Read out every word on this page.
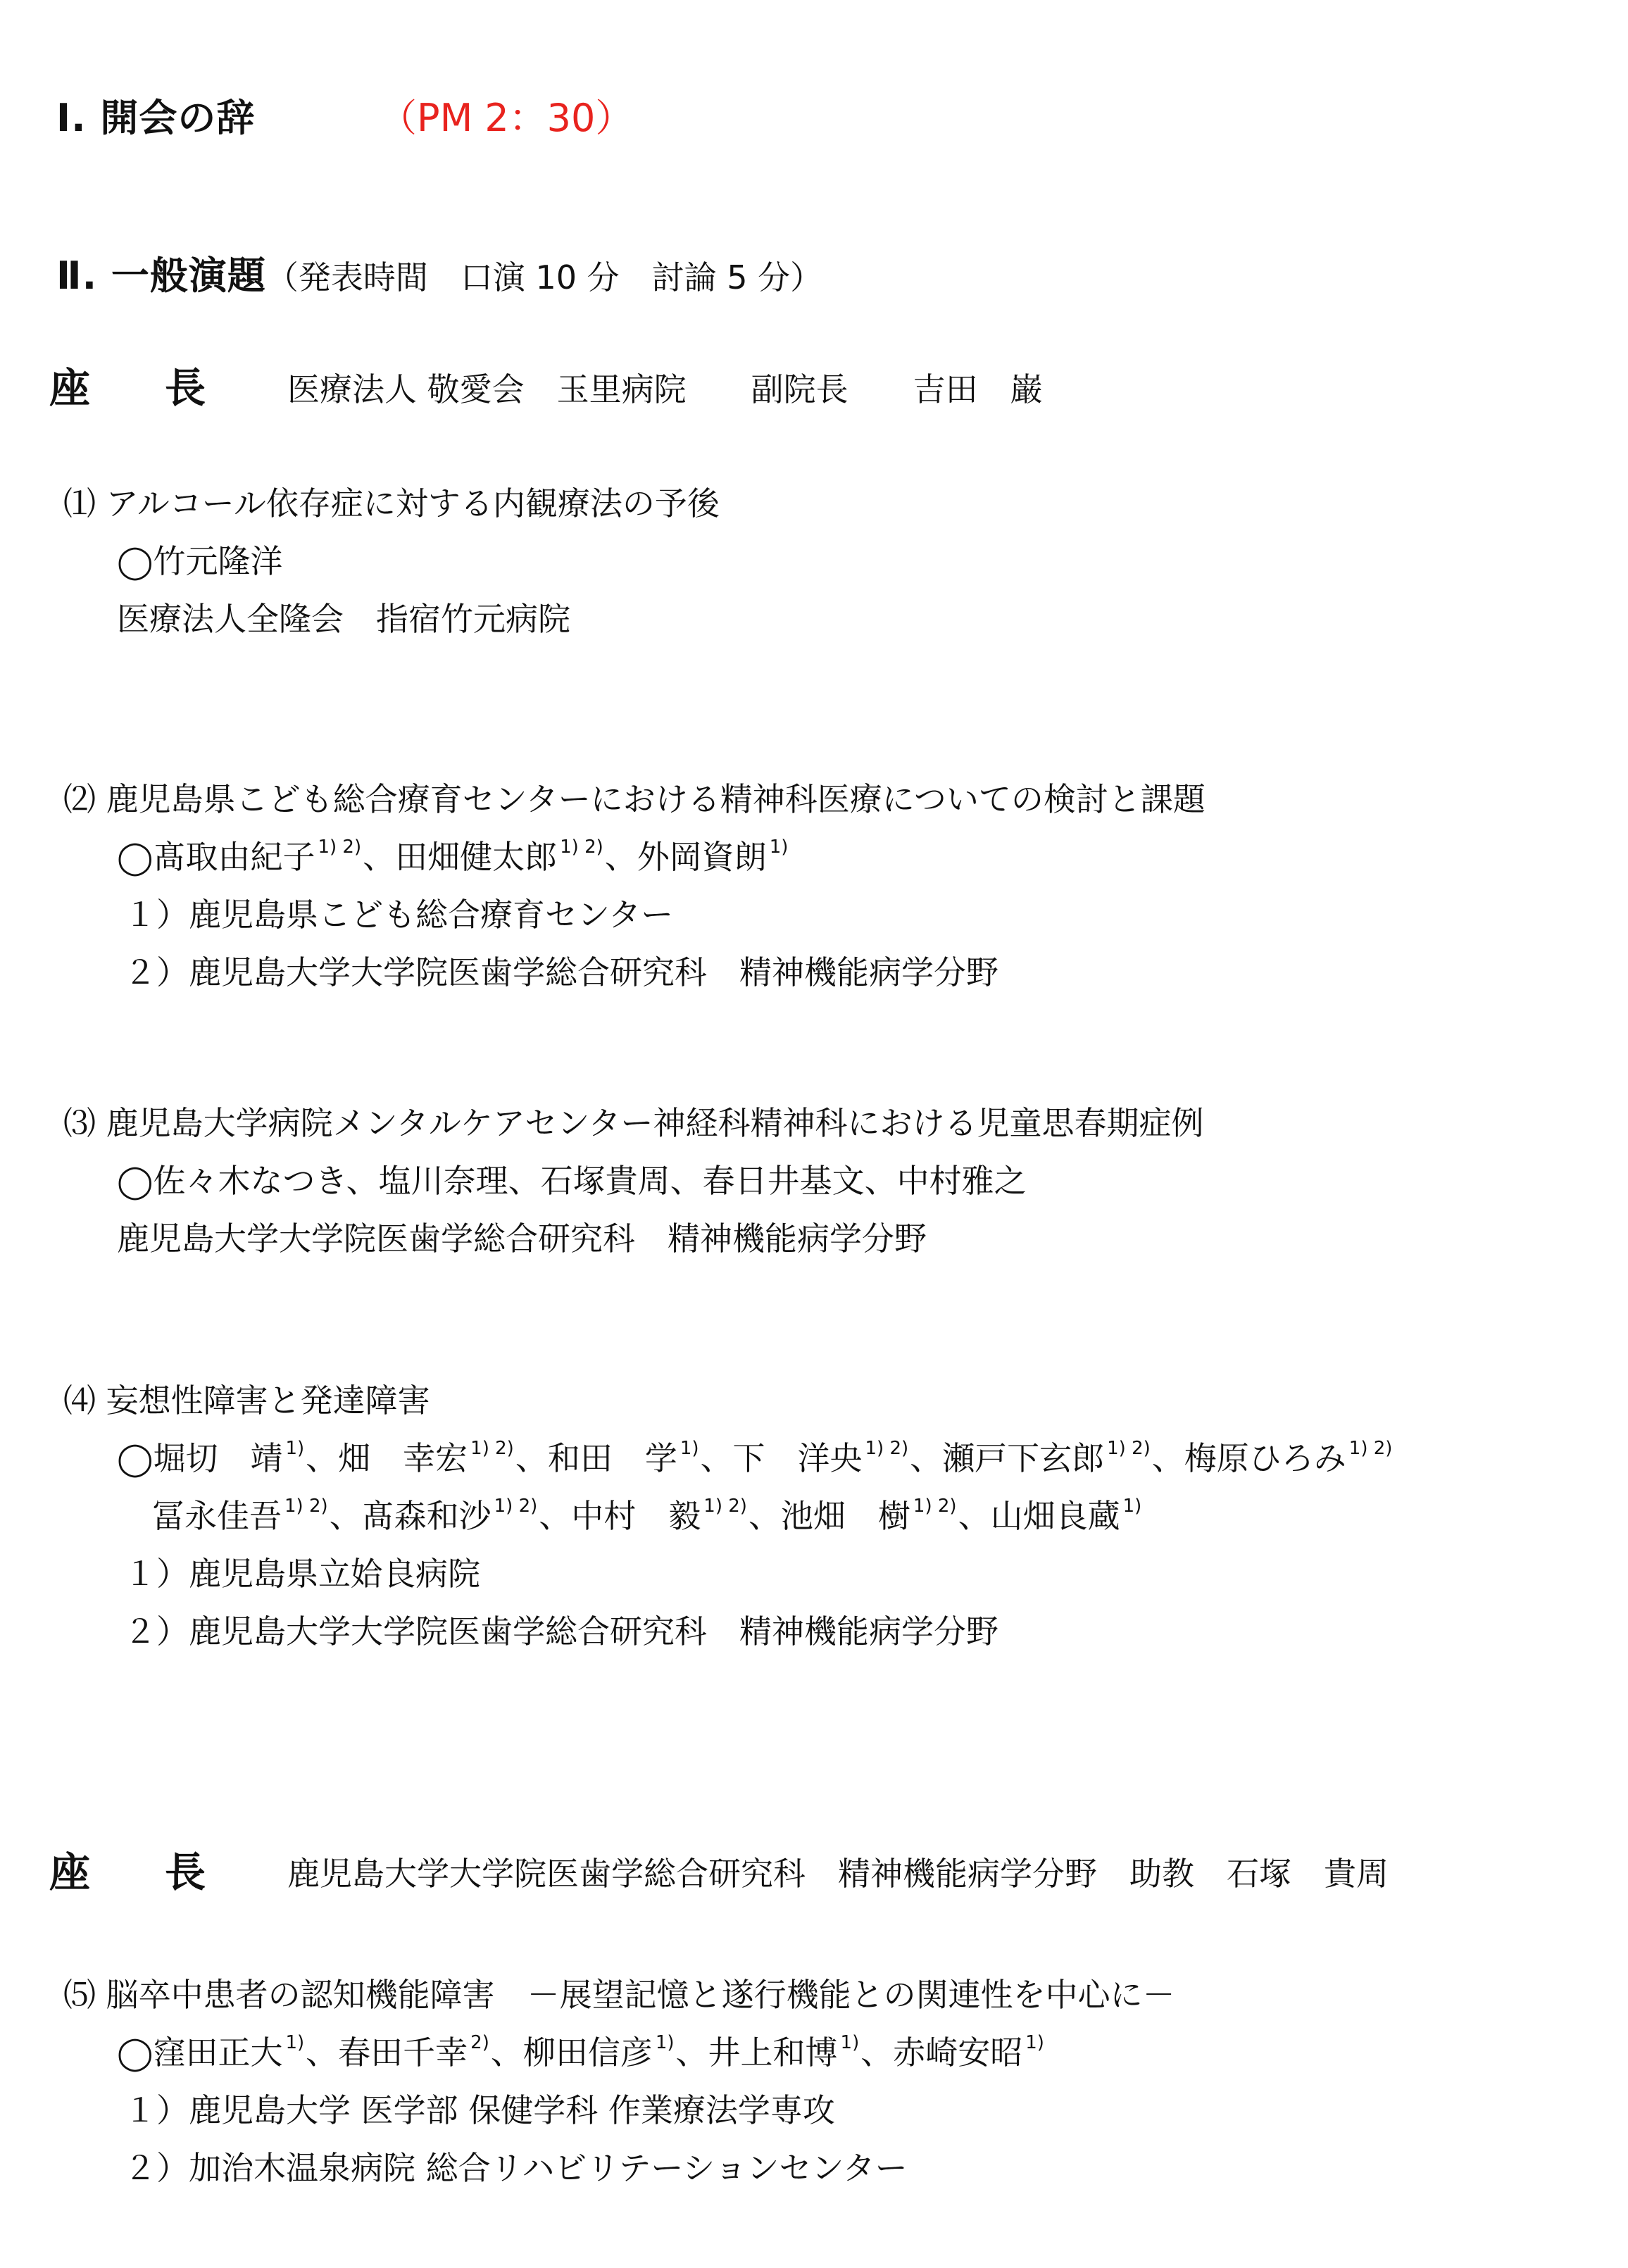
Ⅰ. 開会の辞	（PM 2：30）
Ⅱ. 一般演題（発表時間　口演 10 分　討論 5 分）
座　長 医療法人 敬愛会　玉里病院　　副院長　　吉田　巌
⑴ アルコール依存症に対する内観療法の予後
◯竹元隆洋
医療法人全隆会　指宿竹元病院
⑵ 鹿児島県こども総合療育センターにおける精神科医療についての検討と課題
◯髙取由紀子 $^{1) 2)}$、田畑健太郎 $^{1) 2)}$、外岡資朗 $^{1)}$
１）鹿児島県こども総合療育センター
２）鹿児島大学大学院医歯学総合研究科　精神機能病学分野
⑶ 鹿児島大学病院メンタルケアセンター神経科精神科における児童思春期症例
◯佐々木なつき、塩川奈理、石塚貴周、春日井基文、中村雅之
鹿児島大学大学院医歯学総合研究科　精神機能病学分野
⑷ 妄想性障害と発達障害
◯堀切　靖 $^{1)}$、畑　幸宏 $^{1) 2)}$、和田　学 $^{1)}$、下　洋央 $^{1) 2)}$、瀬戸下玄郎 $^{1) 2)}$、梅原ひろみ $^{1) 2)}$
冨永佳吾 $^{1) 2)}$、髙森和沙 $^{1) 2)}$、中村　毅 $^{1) 2)}$、池畑　樹 $^{1) 2)}$、山畑良蔵 $^{1)}$
１）鹿児島県立姶良病院
２）鹿児島大学大学院医歯学総合研究科　精神機能病学分野
座　長 鹿児島大学大学院医歯学総合研究科　精神機能病学分野　助教　石塚　貴周
⑸ 脳卒中患者の認知機能障害　－展望記憶と遂行機能との関連性を中心に－
◯窪田正大 $^{1)}$、春田千幸 $^{2)}$、柳田信彦 $^{1)}$、井上和博 $^{1)}$、赤崎安昭 $^{1)}$
１）鹿児島大学 医学部 保健学科 作業療法学専攻
２）加治木温泉病院 総合リハビリテーションセンター
